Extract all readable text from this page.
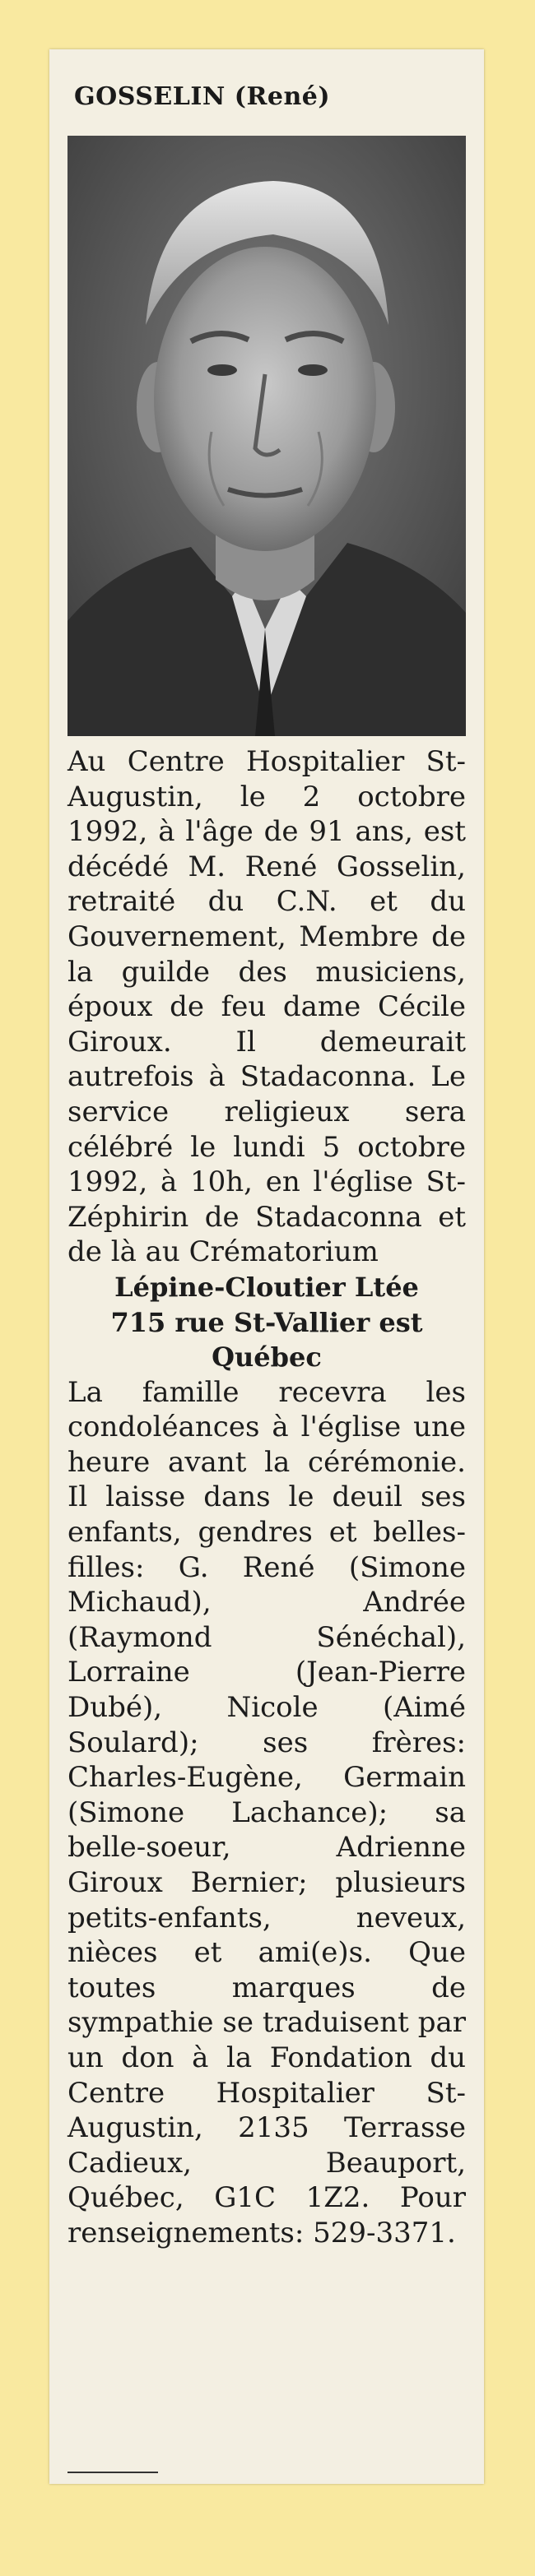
GOSSELIN (René)

Au Centre Hospitalier St-Augustin, le 2 octobre 1992, à l'âge de 91 ans, est décédé M. René Gosselin, retraité du C.N. et du Gouvernement, Membre de la guilde des musiciens, époux de feu dame Cécile Giroux. Il demeurait autrefois à Stadaconna. Le service religieux sera célébré le lundi 5 octobre 1992, à 10h, en l'église St-Zéphirin de Stadaconna et de là au Crématorium

Lépine-Cloutier Ltée

715 rue St-Vallier est

Québec

La famille recevra les condoléances à l'église une heure avant la cérémonie. Il laisse dans le deuil ses enfants, gendres et belles-filles: G. René (Simone Michaud), Andrée (Raymond Sénéchal), Lorraine (Jean-Pierre Dubé), Nicole (Aimé Soulard); ses frères: Charles-Eugène, Germain (Simone Lachance); sa belle-soeur, Adrienne Giroux Bernier; plusieurs petits-enfants, neveux, nièces et ami(e)s. Que toutes marques de sympathie se traduisent par un don à la Fondation du Centre Hospitalier St-Augustin, 2135 Terrasse Cadieux, Beauport, Québec, G1C 1Z2. Pour renseignements: 529-3371.
